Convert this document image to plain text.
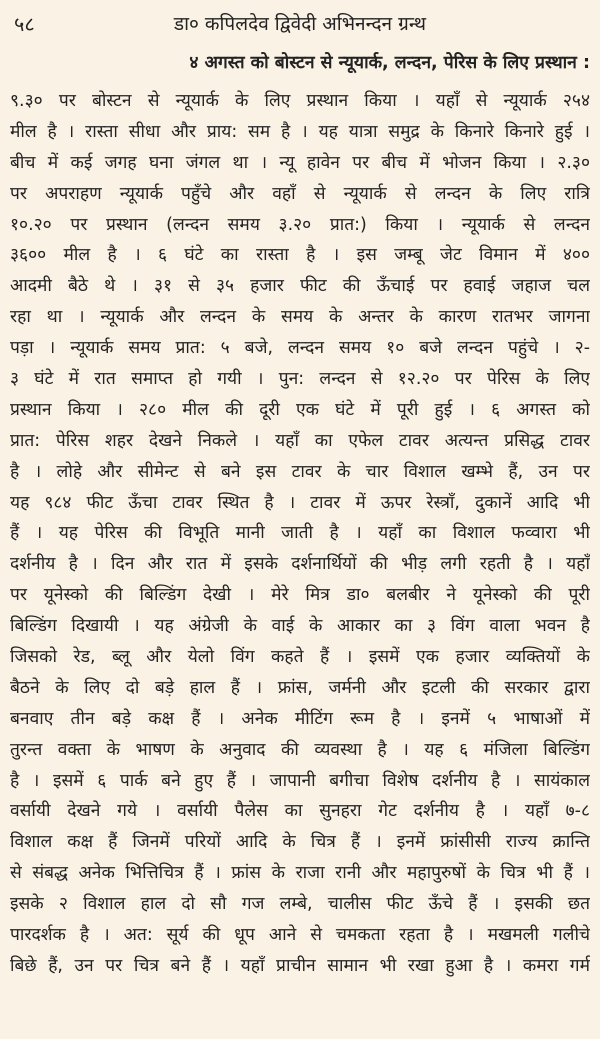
५८	डा० कपिलदेव द्विवेदी अभिनन्दन ग्रन्थ
४ अगस्त को बोस्टन से न्यूयार्क, लन्दन, पेरिस के लिए प्रस्थान :
९.३० पर बोस्टन से न्यूयार्क के लिए प्रस्थान किया । यहाँ से न्यूयार्क २५४
मील है । रास्ता सीधा और प्राय: सम है । यह यात्रा समुद्र के किनारे किनारे हुई ।
बीच में कई जगह घना जंगल था । न्यू हावेन पर बीच में भोजन किया । २.३०
पर अपराहण न्यूयार्क पहुँचे और वहाँ से न्यूयार्क से लन्दन के लिए रात्रि
१०.२० पर प्रस्थान (लन्दन समय ३.२० प्रात:) किया । न्यूयार्क से लन्दन
३६०० मील है । ६ घंटे का रास्ता है । इस जम्बू जेट विमान में ४००
आदमी बैठे थे । ३१ से ३५ हजार फीट की ऊँचाई पर हवाई जहाज चल
रहा था । न्यूयार्क और लन्दन के समय के अन्तर के कारण रातभर जागना
पड़ा । न्यूयार्क समय प्रात: ५ बजे, लन्दन समय १० बजे लन्दन पहुंचे । २-
३ घंटे में रात समाप्त हो गयी । पुन: लन्दन से १२.२० पर पेरिस के लिए
प्रस्थान किया । २८० मील की दूरी एक घंटे में पूरी हुई । ६ अगस्त को
प्रात: पेरिस शहर देखने निकले । यहाँ का एफेल टावर अत्यन्त प्रसिद्ध टावर
है । लोहे और सीमेन्ट से बने इस टावर के चार विशाल खम्भे हैं, उन पर
यह ९८४ फीट ऊँचा टावर स्थित है । टावर में ऊपर रेस्त्राँ, दुकानें आदि भी
हैं । यह पेरिस की विभूति मानी जाती है । यहाँ का विशाल फव्वारा भी
दर्शनीय है । दिन और रात में इसके दर्शनार्थियों की भीड़ लगी रहती है । यहाँ
पर यूनेस्को की बिल्डिंग देखी । मेरे मित्र डा० बलबीर ने यूनेस्को की पूरी
बिल्डिंग दिखायी । यह अंग्रेजी के वाई के आकार का ३ विंग वाला भवन है
जिसको रेड, ब्लू और येलो विंग कहते हैं । इसमें एक हजार व्यक्तियों के
बैठने के लिए दो बड़े हाल हैं । फ्रांस, जर्मनी और इटली की सरकार द्वारा
बनवाए तीन बड़े कक्ष हैं । अनेक मीटिंग रूम है । इनमें ५ भाषाओं में
तुरन्त वक्ता के भाषण के अनुवाद की व्यवस्था है । यह ६ मंजिला बिल्डिंग
है । इसमें ६ पार्क बने हुए हैं । जापानी बगीचा विशेष दर्शनीय है । सायंकाल
वर्सायी देखने गये । वर्सायी पैलेस का सुनहरा गेट दर्शनीय है । यहाँ ७-८
विशाल कक्ष हैं जिनमें परियों आदि के चित्र हैं । इनमें फ्रांसीसी राज्य क्रान्ति
से संबद्ध अनेक भित्तिचित्र हैं । फ्रांस के राजा रानी और महापुरुषों के चित्र भी हैं ।
इसके २ विशाल हाल दो सौ गज लम्बे, चालीस फीट ऊँचे हैं । इसकी छत
पारदर्शक है । अत: सूर्य की धूप आने से चमकता रहता है । मखमली गलीचे
बिछे हैं, उन पर चित्र बने हैं । यहाँ प्राचीन सामान भी रखा हुआ है । कमरा गर्म
